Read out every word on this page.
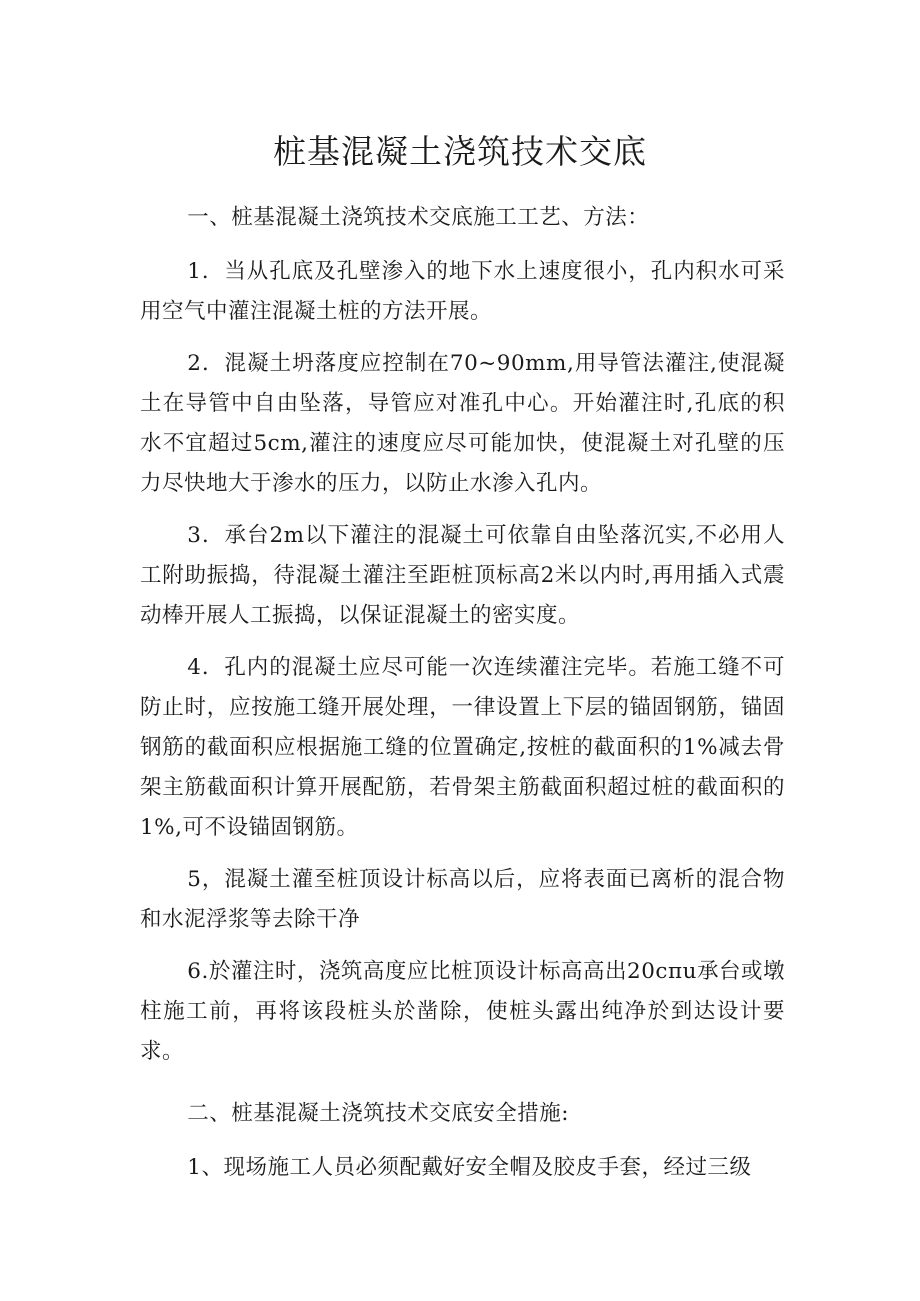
桩基混凝土浇筑技术交底

一、桩基混凝土浇筑技术交底施工工艺、方法：

1．当从孔底及孔壁渗入的地下水上速度很小，孔内积水可采用空气中灌注混凝土桩的方法开展。

2．混凝土坍落度应控制在70~90mm,用导管法灌注,使混凝土在导管中自由坠落，导管应对准孔中心。开始灌注时,孔底的积水不宜超过5cm,灌注的速度应尽可能加快，使混凝土对孔壁的压力尽快地大于渗水的压力，以防止水渗入孔内。

3．承台2m以下灌注的混凝土可依靠自由坠落沉实,不必用人工附助振捣，待混凝土灌注至距桩顶标高2米以内时,再用插入式震动棒开展人工振捣，以保证混凝土的密实度。

4．孔内的混凝土应尽可能一次连续灌注完毕。若施工缝不可防止时，应按施工缝开展处理，一律设置上下层的锚固钢筋，锚固钢筋的截面积应根据施工缝的位置确定,按桩的截面积的1%减去骨架主筋截面积计算开展配筋，若骨架主筋截面积超过桩的截面积的1%,可不设锚固钢筋。

5，混凝土灌至桩顶设计标高以后，应将表面已离析的混合物和水泥浮浆等去除干净

6.於灌注时，浇筑高度应比桩顶设计标高高出20cπu承台或墩柱施工前，再将该段桩头於凿除，使桩头露出纯净於到达设计要求。

二、桩基混凝土浇筑技术交底安全措施:

1、现场施工人员必须配戴好安全帽及胶皮手套，经过三级
